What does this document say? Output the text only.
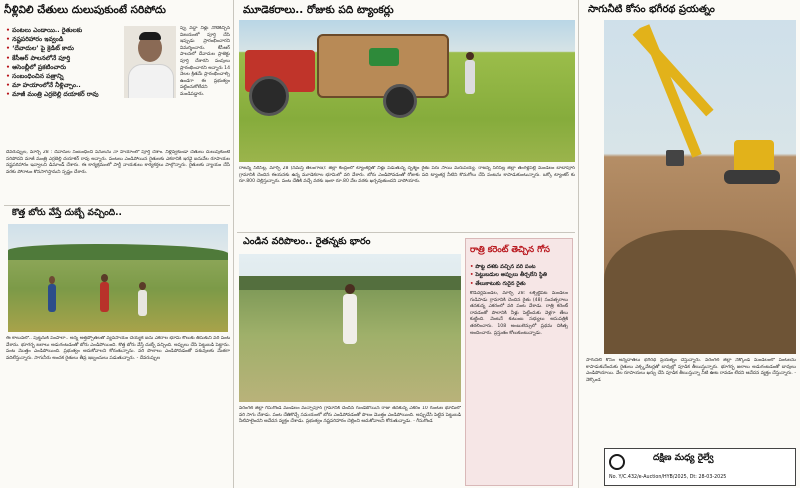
నీళ్లివిలి చేతులు దులుపుకుంటే సరిపోదు
• పంటలు ఎండాయి.. రైతులకు
• నష్టపరిహారం ఇవ్వండి
• ‘దేవాదుల’ పై క్రెడిట్ కాదు
• కేసీఆర్ పాలనలోనే పూర్తి
• అసెంబ్లీలో ప్రకటించారు
• సంబంధించిన పత్రాన్ని
• మా హయాంలోనే నీళ్లిచ్చాం..
• మాజీ మంత్రి ఎర్రబెల్లి దయాకర్ రావు
ప్పు వద్దా నీళ్లు నోటికిచ్చిన విజయంలో పూర్తి చేసి ఇప్పుడు ప్రారంభించారని విమర్శించారు. కేసీఆర్ పాలనలో దేవాదుల ప్రాజెక్టు పూర్తి చేశారని పంపులు ప్రారంభించారని అన్నారు 14 నెలల క్రితమే ప్రారంభించాల్సి ఉండగా ఈ ప్రభుత్వం పట్టించుకోలేదని మండిపడ్డారు.
దేవరుప్పుల, మార్చి 28 : దేవాదుల సంబంధించి పనులను నా హయాంలో పూర్తి చేశాం. నీళ్లివ్వకుండా చేతులు దులుపుకుంటే సరిపోదని మాజీ మంత్రి ఎర్రబెల్లి దయాకర్ రావు అన్నారు. పంటలు ఎండిపోయిన రైతులకు ఎకరానికి ఇరవై ఐదువేల రూపాయల నష్టపరిహారం ఇవ్వాలని డిమాండ్ చేశారు. ఈ కార్యక్రమంలో పార్టీ నాయకులు కార్యకర్తలు పాల్గొన్నారు. రైతులకు న్యాయం చేసే వరకు పోరాటం కొనసాగిస్తామని స్పష్టం చేశారు.
కొత్త బోరు వేస్తే దుబ్బే వచ్చింది..
ఈ కాలువలో.. పుట్టనుకి పంపాలా.. అన్న అత్తప్పోతలతో వ్యవసాయం చెయ్యక ఐదు ఎకరాల భూమి కౌలుకు తీసుకుని వరి పంట వేశాను. భూగర్భ జలాలు అడుగంటడంతో బోరు ఎండిపోయింది. కొత్త బోరు వేస్తే దుబ్బే వచ్చింది. అప్పులు చేసి పెట్టుబడి పెట్టాను. పంట మొత్తం ఎండిపోయింది. ప్రభుత్వం ఆదుకోవాలని కోరుతున్నాను. వరి పొలాలు ఎండిపోవడంతో పశువులకు మేతగా వదిలేస్తున్నారు. సాగునీరు అందక రైతులు తీవ్ర ఇబ్బందులు పడుతున్నారు. - దేవరుప్పుల
మూడెకరాలు.. రోజుకు పది ట్యాంకర్లు
రాజన్న సిరిసిల్ల, మార్చి 28 (నమస్తే తెలంగాణ): జిల్లా కేంద్రంలో ట్యాంకర్లతో నీళ్లు పడుతున్న దృశ్యం రైతు పేరు సాయి మరుపయ్య. రాజన్న సిరిసిల్ల జిల్లా తంగళ్లపల్లి మండలం బాబాపూర్ గ్రామానికి చెందిన ఈయనకు ఉన్న మూడెకరాల భూమిలో వరి వేశారు. బోరు ఎండిపోవడంతో రోజుకు పది ట్యాంకర్ల నీటిని కొనుగోలు చేసి పంటను కాపాడుకుంటున్నారు. ఒక్కో ట్యాంకర్ కు రూ.800 చెల్లిస్తున్నారు. పంట చేతికి వచ్చే వరకు ఇంకా రూ.80 వేల వరకు ఖర్చవుతుందని వాపోయారు.
ఎండిన వరిపొలం.. రైతన్నకు భారం
రాత్రి కరెంట్ తెచ్చిన గోస
• పొట్ట దశకు వచ్చిన వరి పంట
• పెట్టుబడుల అప్పులు తీర్చలేని స్థితి
• తేలుకాటుకు గురైన రైతు
కోడిచర్లమండల, మార్చి 28: లక్సెట్టిపేట మండలం గుడిపాడు గ్రామానికి చెందిన రైతు (48) సంవత్సరాలు తనకున్న ఎకరంలో వరి పంట వేశాడు. రాత్రి కరెంట్ రావడంతో పొలానికి నీళ్లు పెట్టేందుకు వెళ్లగా తేలు కుట్టింది. వెంటనే కుటుంబ సభ్యులు ఆసుపత్రికి తరలించారు. 108 అంబులెన్సులో ప్రథమ చికిత్స అందించారు. ప్రస్తుతం కోలుకుంటున్నాడు.
వరంగల్ జిల్లా గీసుగొండ మండలం మచ్చాపూర్ గ్రామానికి చెందిన గుండెబోయిన రాజు తనకున్న ఎకరం 10 గుంటల భూమిలో వరి సాగు చేశాడు. పంట చేతికొచ్చే సమయంలో బోరు ఎండిపోవడంతో పొలం మొత్తం ఎండిపోయింది. అప్పుచేసి పెట్టిన పెట్టుబడి నీటిపాలైందని ఆవేదన వ్యక్తం చేశాడు. ప్రభుత్వం నష్టపరిహారం చెల్లించి ఆదుకోవాలని కోరుతున్నాడు. - గీసుగొండ
సాగునీటి కోసం భగీరథ ప్రయత్నం
సాగునీటి కోసం అన్నదాతలు భగీరథ ప్రయత్నం చేస్తున్నారు. వరంగల్ జిల్లా నెక్కొండ మండలంలో పంటలను కాపాడుకునేందుకు రైతులు ఎక్స్కవేటర్లతో బావుల్లో పూడిక తీయిస్తున్నారు. భూగర్భ జలాలు అడుగంటడంతో బావులు ఎండిపోయాయి. వేల రూపాయలు ఖర్చు చేసి పూడిక తీయిస్తున్నా నీటి ఊట రావడం లేదని ఆవేదన వ్యక్తం చేస్తున్నారు. - నెక్కొండ
దక్షిణ మధ్య రైల్వే
No. Y/C.432/e-Auction/HYB/2025, Dt: 28-03-2025
